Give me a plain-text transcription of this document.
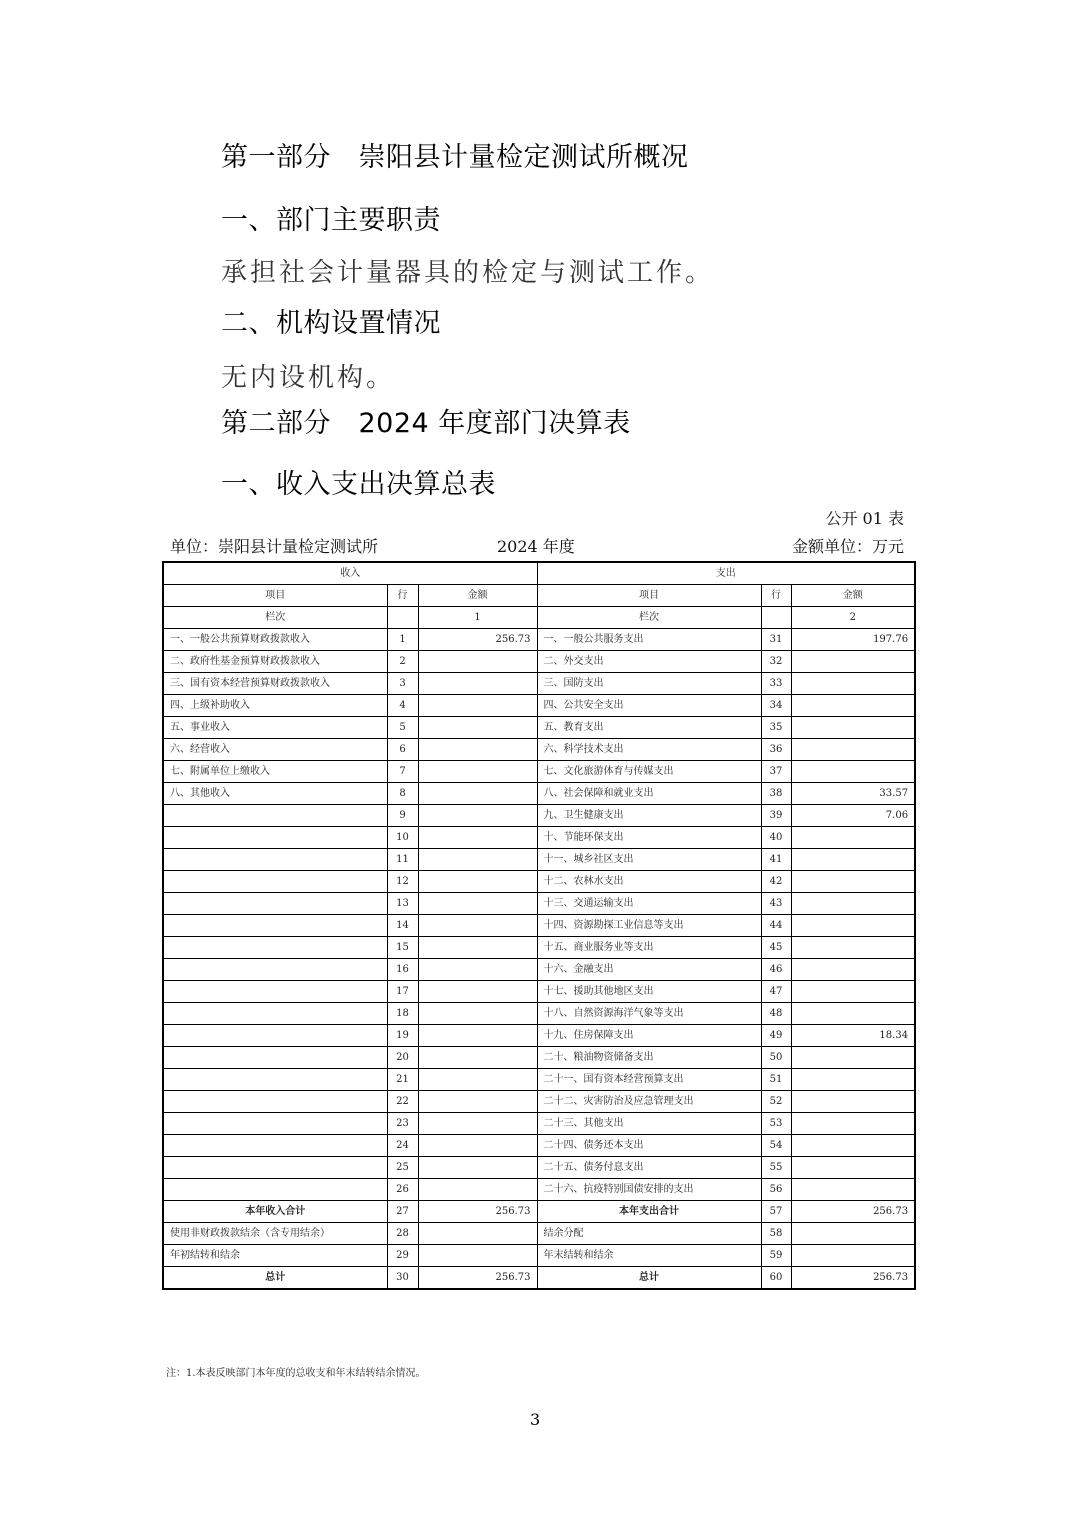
第一部分　崇阳县计量检定测试所概况
一、部门主要职责
承担社会计量器具的检定与测试工作。
二、机构设置情况
无内设机构。
第二部分　2024 年度部门决算表
一、收入支出决算总表
公开 01 表
单位：崇阳县计量检定测试所	2024 年度	金额单位：万元
收入			支出		
项目	行	金额	项目	行	金额
栏次		1	栏次		2
一、一般公共预算财政拨款收入	1	256.73	一、一般公共服务支出	31	197.76
二、政府性基金预算财政拨款收入	2		二、外交支出	32	
三、国有资本经营预算财政拨款收入	3		三、国防支出	33	
四、上级补助收入	4		四、公共安全支出	34	
五、事业收入	5		五、教育支出	35	
六、经营收入	6		六、科学技术支出	36	
七、附属单位上缴收入	7		七、文化旅游体育与传媒支出	37	
八、其他收入	8		八、社会保障和就业支出	38	33.57
	9		九、卫生健康支出	39	7.06
	10		十、节能环保支出	40	
	11		十一、城乡社区支出	41	
	12		十二、农林水支出	42	
	13		十三、交通运输支出	43	
	14		十四、资源勘探工业信息等支出	44	
	15		十五、商业服务业等支出	45	
	16		十六、金融支出	46	
	17		十七、援助其他地区支出	47	
	18		十八、自然资源海洋气象等支出	48	
	19		十九、住房保障支出	49	18.34
	20		二十、粮油物资储备支出	50	
	21		二十一、国有资本经营预算支出	51	
	22		二十二、灾害防治及应急管理支出	52	
	23		二十三、其他支出	53	
	24		二十四、债务还本支出	54	
	25		二十五、债务付息支出	55	
	26		二十六、抗疫特别国债安排的支出	56	
本年收入合计	27	256.73	本年支出合计	57	256.73
使用非财政拨款结余（含专用结余）	28		结余分配	58	
年初结转和结余	29		年末结转和结余	59	
总计	30	256.73	总计	60	256.73
注：1.本表反映部门本年度的总收支和年末结转结余情况。
3
